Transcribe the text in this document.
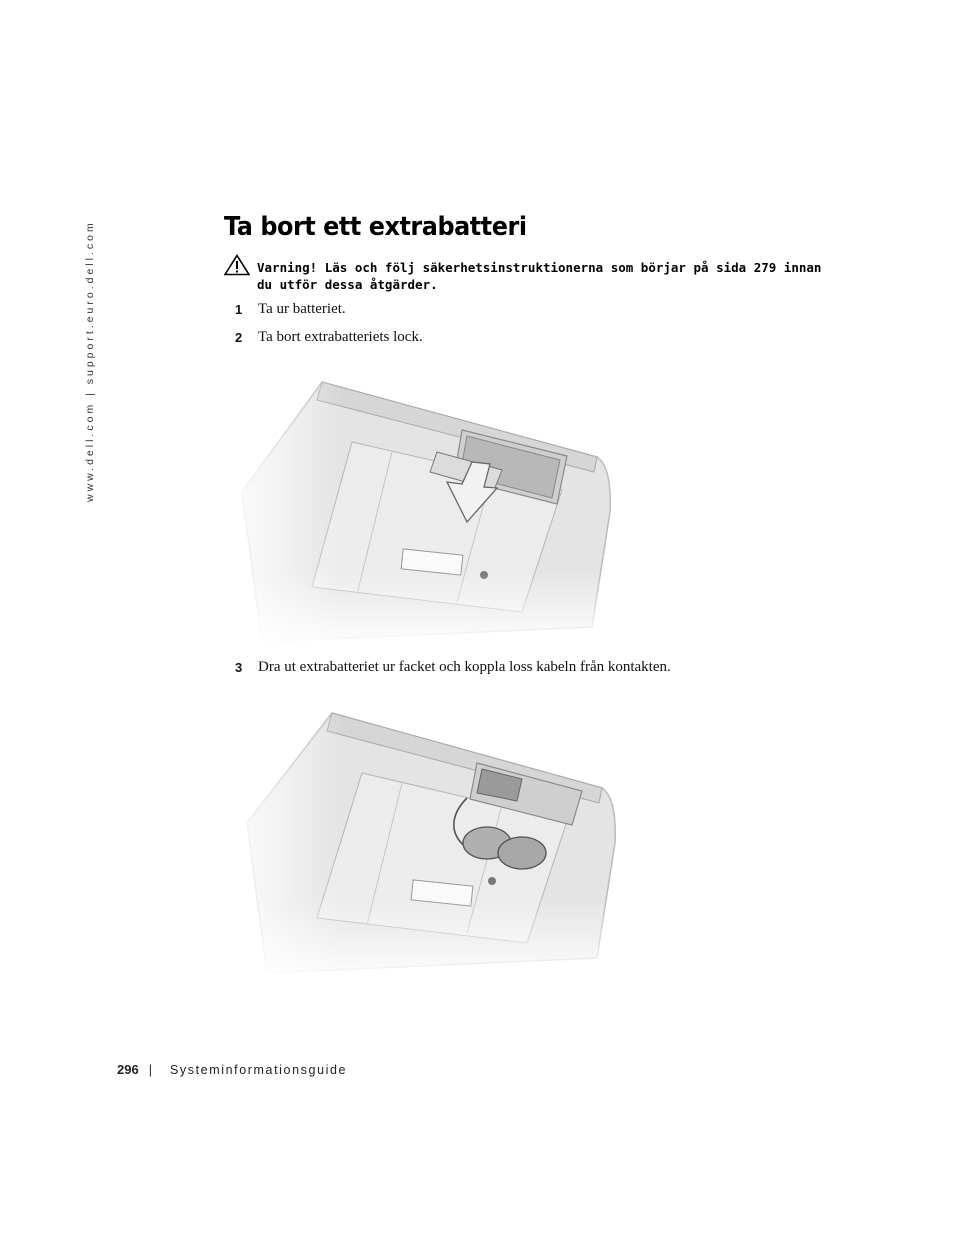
www.dell.com | support.euro.dell.com	Ta bort ett extrabatteri
Varning! Läs och följ säkerhetsinstruktionerna som börjar på sida 279 innan du utför dessa åtgärder.
1 Ta ur batteriet.
2 Ta bort extrabatteriets lock.
3 Dra ut extrabatteriet ur facket och koppla loss kabeln från kontakten.
296 | Systeminformationsguide
